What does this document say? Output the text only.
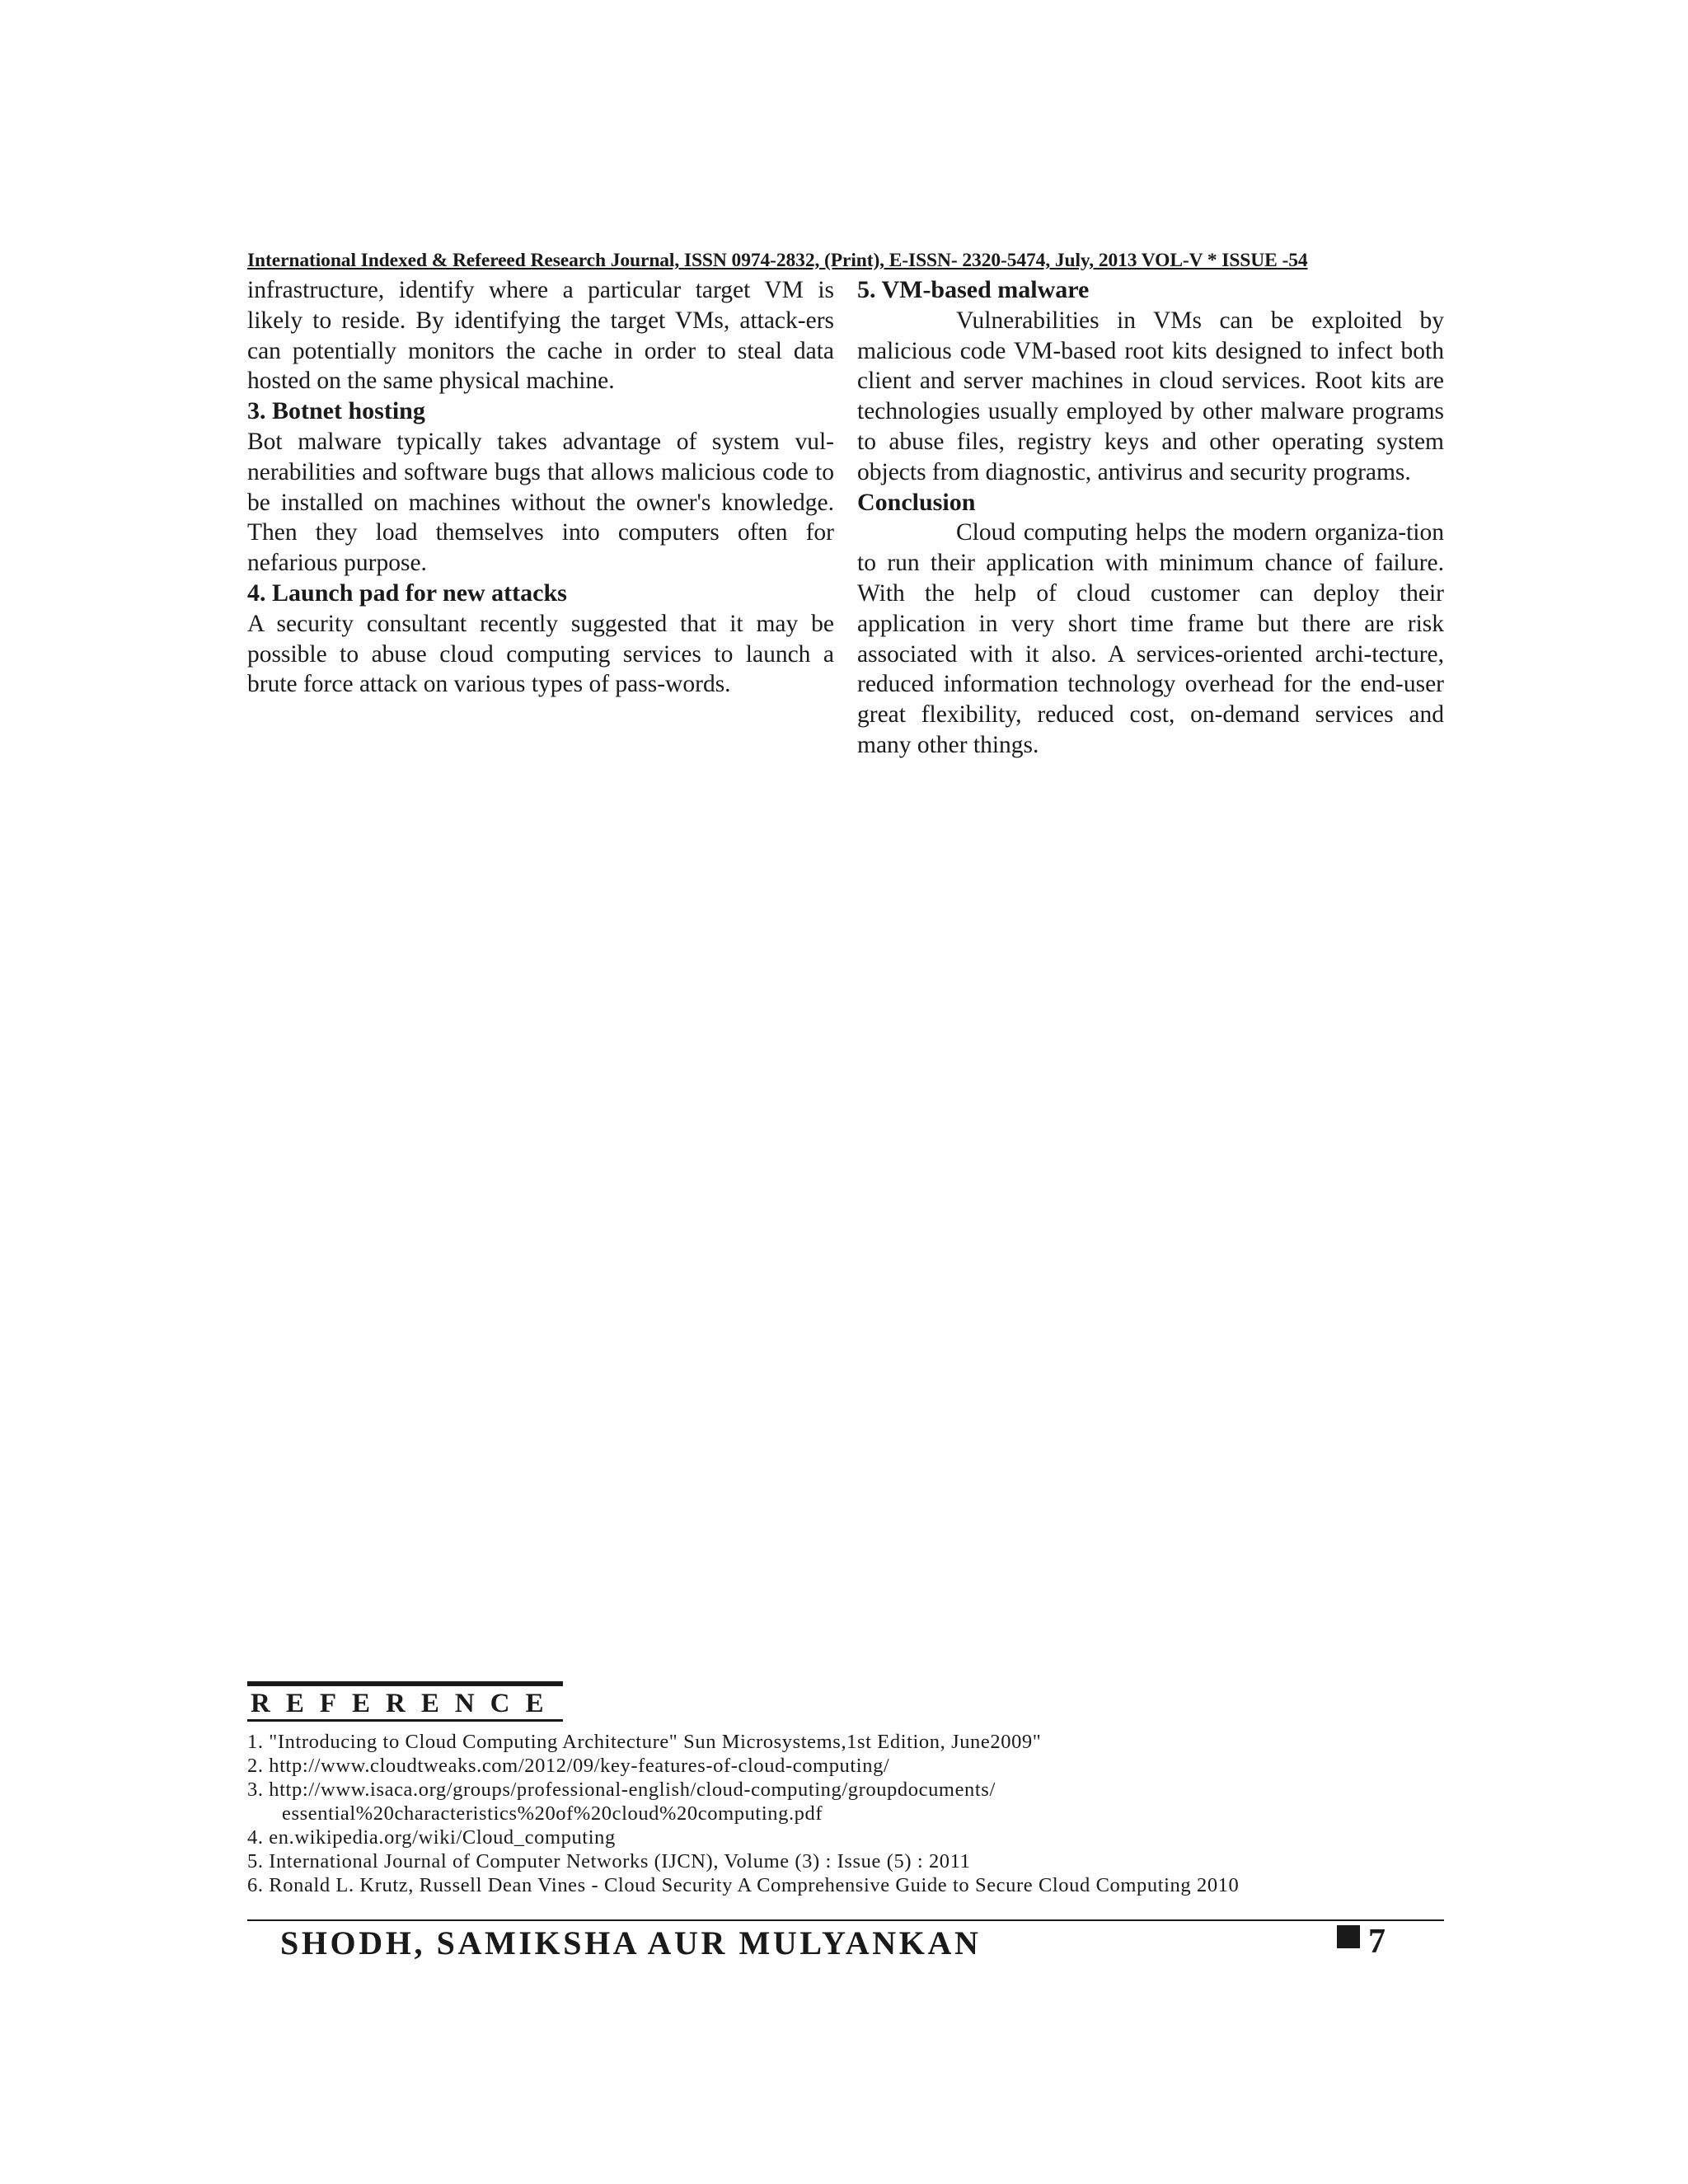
International Indexed & Refereed Research Journal, ISSN 0974-2832, (Print), E-ISSN- 2320-5474, July, 2013 VOL-V * ISSUE -54

infrastructure, identify where a particular target VM is likely to reside. By identifying the target VMs, attack-ers can potentially monitors the cache in order to steal data hosted on the same physical machine.

3. Botnet hosting

Bot malware typically takes advantage of system vul-nerabilities and software bugs that allows malicious code to be installed on machines without the owner's knowledge. Then they load themselves into computers often for nefarious purpose.

4. Launch pad for new attacks

A security consultant recently suggested that it may be possible to abuse cloud computing services to launch a brute force attack on various types of pass-words.

5. VM-based malware

Vulnerabilities in VMs can be exploited by malicious code VM-based root kits designed to infect both client and server machines in cloud services. Root kits are technologies usually employed by other malware programs to abuse files, registry keys and other operating system objects from diagnostic, antivirus and security programs.

Conclusion

Cloud computing helps the modern organiza-tion to run their application with minimum chance of failure. With the help of cloud customer can deploy their application in very short time frame but there are risk associated with it also. A services-oriented archi-tecture, reduced information technology overhead for the end-user great flexibility, reduced cost, on-demand services and many other things.

REFERENCE
1. "Introducing to Cloud Computing Architecture" Sun Microsystems,1st Edition, June2009"
2. http://www.cloudtweaks.com/2012/09/key-features-of-cloud-computing/
3. http://www.isaca.org/groups/professional-english/cloud-computing/groupdocuments/ essential%20characteristics%20of%20cloud%20computing.pdf
4. en.wikipedia.org/wiki/Cloud_computing
5. International Journal of Computer Networks (IJCN), Volume (3) : Issue (5) : 2011
6. Ronald L. Krutz, Russell Dean Vines - Cloud Security A Comprehensive Guide to Secure Cloud Computing 2010
SHODH, SAMIKSHA AUR MULYANKAN	7
